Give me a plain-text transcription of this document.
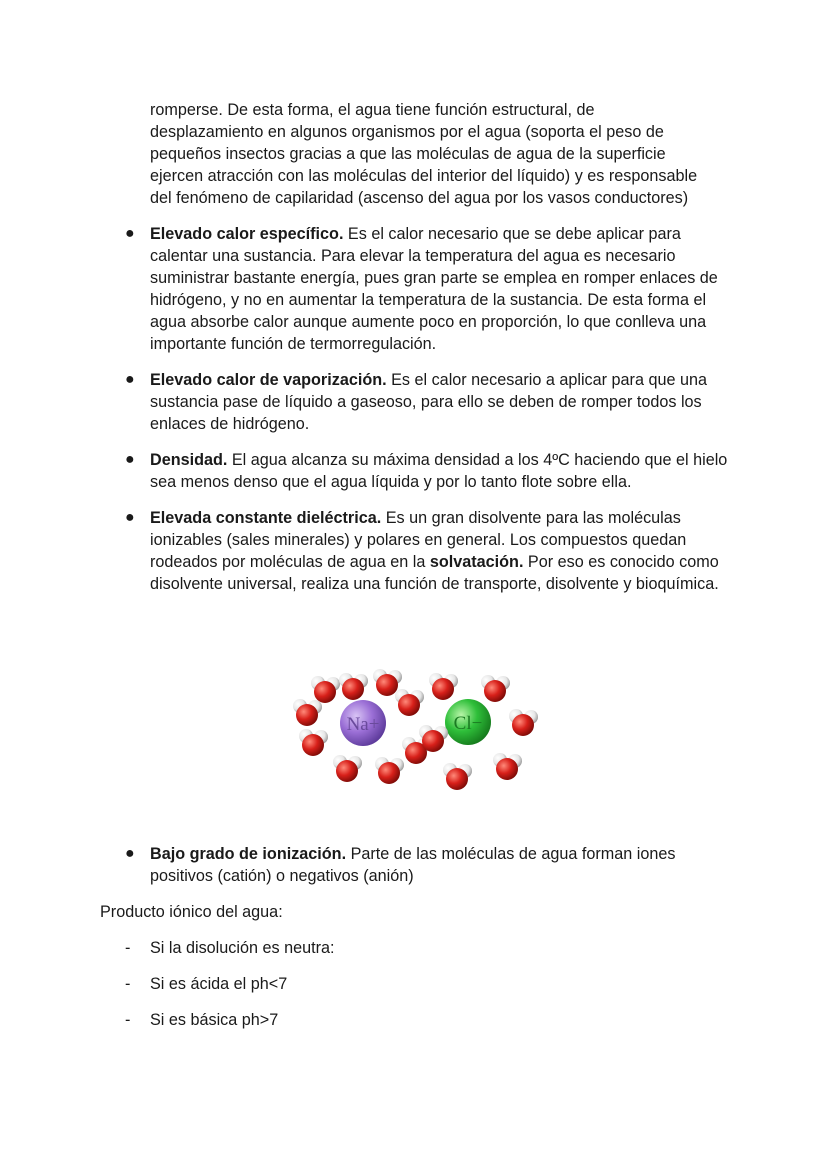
romperse. De esta forma, el agua tiene función estructural, de
desplazamiento en algunos organismos por el agua (soporta el peso de
pequeños insectos gracias a que las moléculas de agua de la superficie
ejercen atracción con las moléculas del interior del líquido) y es responsable
del fenómeno de capilaridad (ascenso del agua por los vasos conductores)

● Elevado calor específico. Es el calor necesario que se debe aplicar para calentar una sustancia. Para elevar la temperatura del agua es necesario suministrar bastante energía, pues gran parte se emplea en romper enlaces de hidrógeno, y no en aumentar la temperatura de la sustancia. De esta forma el agua absorbe calor aunque aumente poco en proporción, lo que conlleva una importante función de termorregulación.
● Elevado calor de vaporización. Es el calor necesario a aplicar para que una sustancia pase de líquido a gaseoso, para ello se deben de romper todos los enlaces de hidrógeno.
● Densidad. El agua alcanza su máxima densidad a los 4ºC haciendo que el hielo sea menos denso que el agua líquida y por lo tanto flote sobre ella.
● Elevada constante dieléctrica. Es un gran disolvente para las moléculas ionizables (sales minerales) y polares en general. Los compuestos quedan rodeados por moléculas de agua en la solvatación. Por eso es conocido como disolvente universal, realiza una función de transporte, disolvente y bioquímica.
Na+	Cl−
● Bajo grado de ionización. Parte de las moléculas de agua forman iones positivos (catión) o negativos (anión)
Producto iónico del agua:
- Si la disolución es neutra:
- Si es ácida el ph<7
- Si es básica ph>7
